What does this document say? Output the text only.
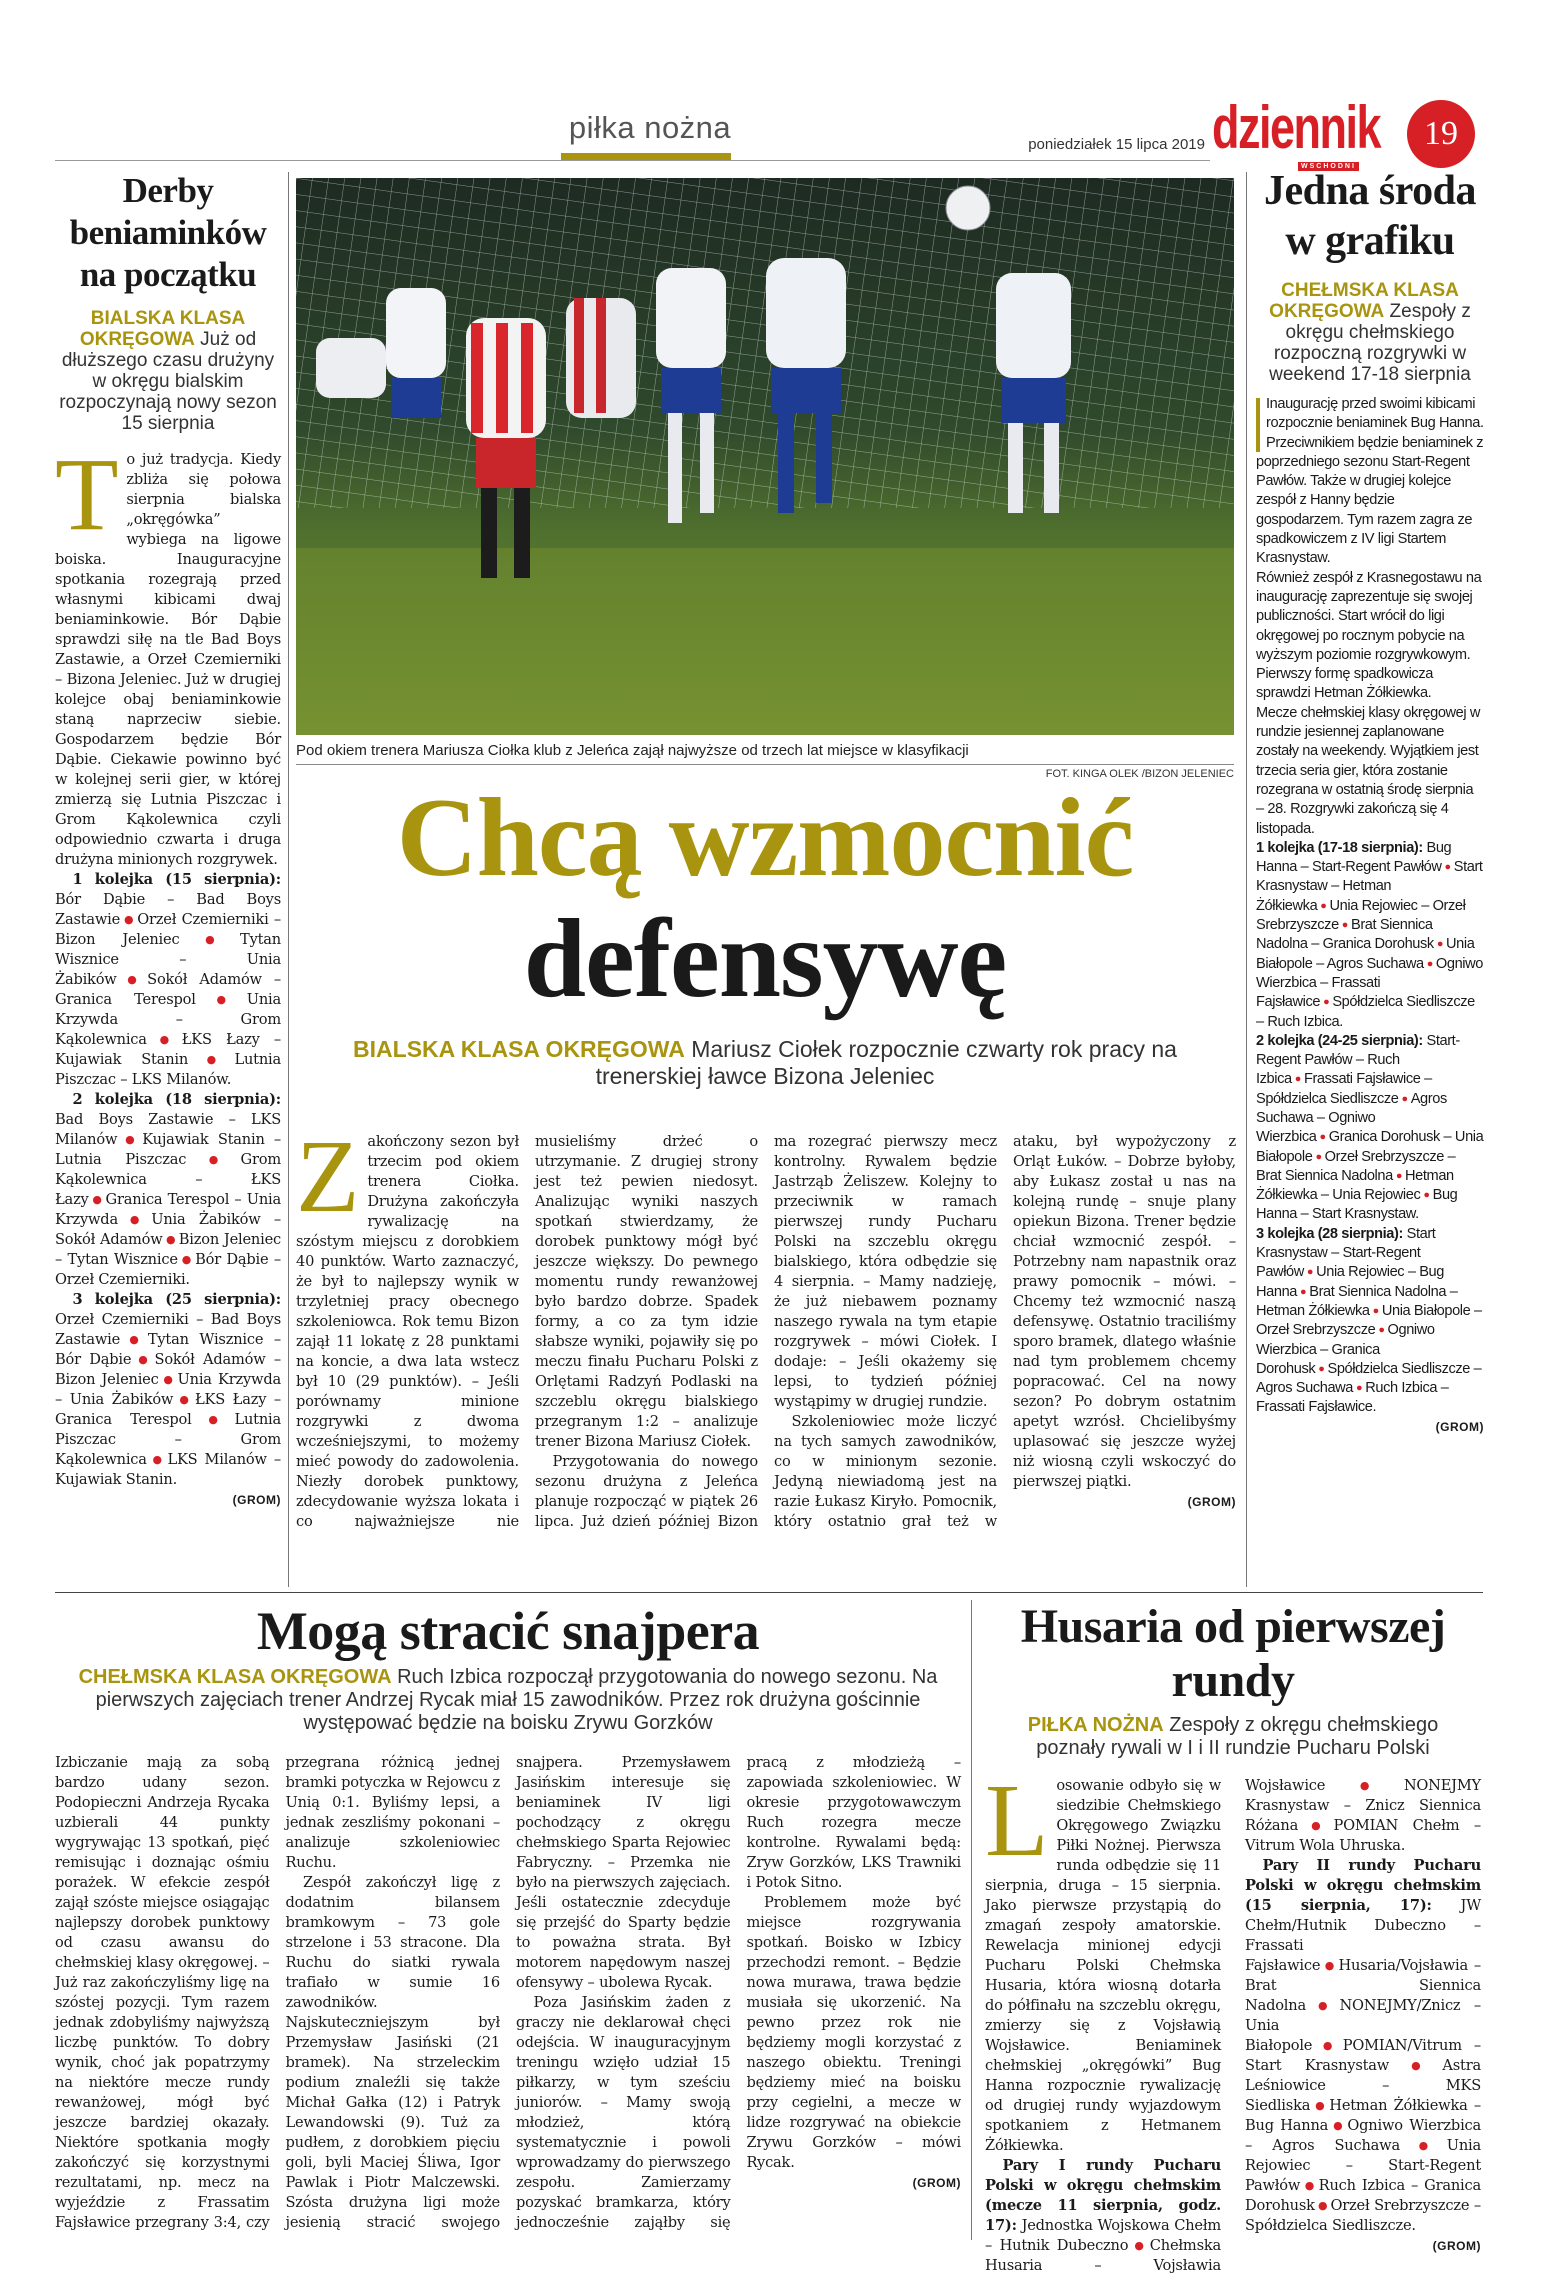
piłka nożna	poniedziałek 15 lipca 2019 dziennik
WSCHODNI
19
Derby beniaminków na początku
BIALSKA KLASA OKRĘGOWA Już od dłuższego czasu drużyny w okręgu bialskim rozpoczynają nowy sezon 15 sierpnia

To już tradycja. Kiedy zbliża się połowa sierpnia bialska „okręgówka” wybiega na ligowe boiska. Inauguracyjne spotkania rozegrają przed własnymi kibicami dwaj beniaminkowie. Bór Dąbie sprawdzi siłę na tle Bad Boys Zastawie, a Orzeł Czemierniki – Bizona Jeleniec. Już w drugiej kolejce obaj beniaminkowie staną naprzeciw siebie. Gospodarzem będzie Bór Dąbie. Ciekawie powinno być w kolejnej serii gier, w której zmierzą się Lutnia Piszczac i Grom Kąkolewnica czyli odpowiednio czwarta i druga drużyna minionych rozgrywek.

1 kolejka (15 sierpnia): Bór Dąbie – Bad Boys Zastawie ● Orzeł Czemierniki – Bizon Jeleniec ● Tytan Wisznice – Unia Żabików ● Sokół Adamów – Granica Terespol ● Unia Krzywda – Grom Kąkolewnica ● ŁKS Łazy – Kujawiak Stanin ● Lutnia Piszczac – LKS Milanów.

2 kolejka (18 sierpnia): Bad Boys Zastawie – LKS Milanów ● Kujawiak Stanin – Lutnia Piszczac ● Grom Kąkolewnica – ŁKS Łazy ● Granica Terespol – Unia Krzywda ● Unia Żabików – Sokół Adamów ● Bizon Jeleniec – Tytan Wisznice ● Bór Dąbie – Orzeł Czemierniki.

3 kolejka (25 sierpnia): Orzeł Czemierniki – Bad Boys Zastawie ● Tytan Wisznice – Bór Dąbie ● Sokół Adamów – Bizon Jeleniec ● Unia Krzywda – Unia Żabików ● ŁKS Łazy – Granica Terespol ● Lutnia Piszczac – Grom Kąkolewnica ● LKS Milanów – Kujawiak Stanin.

(GROM)
Pod okiem trenera Mariusza Ciołka klub z Jeleńca zajął najwyższe od trzech lat miejsce w klasyfikacji
FOT. KINGA OLEK /BIZON JELENIEC
Chcą wzmocnić
defensywę
BIALSKA KLASA OKRĘGOWA Mariusz Ciołek rozpocznie czwarty rok pracy na trenerskiej ławce Bizona Jeleniec

Zakończony sezon był trzecim pod okiem trenera Ciołka. Drużyna zakończyła rywalizację na szóstym miejscu z dorobkiem 40 punktów. Warto zaznaczyć, że był to najlepszy wynik w trzyletniej pracy obecnego szkoleniowca. Rok temu Bizon zajął 11 lokatę z 28 punktami na koncie, a dwa lata wstecz był 10 (29 punktów). – Jeśli porównamy minione rozgrywki z dwoma wcześniejszymi, to możemy mieć powody do zadowolenia. Niezły dorobek punktowy, zdecydowanie wyższa lokata i co najważniejsze nie musieliśmy drżeć o utrzymanie. Z drugiej strony jest też pewien niedosyt. Analizując wyniki naszych spotkań stwierdzamy, że dorobek punktowy mógł być jeszcze większy. Do pewnego momentu rundy rewanżowej było bardzo dobrze. Spadek formy, a co za tym idzie słabsze wyniki, pojawiły się po meczu finału Pucharu Polski z Orlętami Radzyń Podlaski na szczeblu okręgu bialskiego przegranym 1:2 – analizuje trener Bizona Mariusz Ciołek.

Przygotowania do nowego sezonu drużyna z Jeleńca planuje rozpocząć w piątek 26 lipca. Już dzień później Bizon ma rozegrać pierwszy mecz kontrolny. Rywalem będzie Jastrząb Żeliszew. Kolejny to przeciwnik w ramach pierwszej rundy Pucharu Polski na szczeblu okręgu bialskiego, która odbędzie się 4 sierpnia. – Mamy nadzieję, że już niebawem poznamy naszego rywala na tym etapie rozgrywek – mówi Ciołek. I dodaje: – Jeśli okażemy się lepsi, to tydzień później wystąpimy w drugiej rundzie.

Szkoleniowiec może liczyć na tych samych zawodników, co w minionym sezonie. Jedyną niewiadomą jest na razie Łukasz Kiryło. Pomocnik, który ostatnio grał też w ataku, był wypożyczony z Orląt Łuków. – Dobrze byłoby, aby Łukasz został u nas na kolejną rundę – snuje plany opiekun Bizona. Trener będzie chciał wzmocnić zespół. – Potrzebny nam napastnik oraz prawy pomocnik – mówi. – Chcemy też wzmocnić naszą defensywę. Ostatnio traciliśmy sporo bramek, dlatego właśnie nad tym problemem chcemy popracować. Cel na nowy sezon? Po dobrym ostatnim apetyt wzrósł. Chcielibyśmy uplasować się jeszcze wyżej niż wiosną czyli wskoczyć do pierwszej piątki.

(GROM)
Jedna środa w grafiku
CHEŁMSKA KLASA OKRĘGOWA Zespoły z okręgu chełmskiego rozpoczną rozgrywki w weekend 17-18 sierpnia

Inaugurację przed swoimi kibicami rozpocznie beniaminek Bug Hanna. Przeciwnikiem będzie beniaminek z poprzedniego sezonu Start-Regent Pawłów. Także w drugiej kolejce zespół z Hanny będzie gospodarzem. Tym razem zagra ze spadkowiczem z IV ligi Startem Krasnystaw.

Również zespół z Krasnegostawu na inaugurację zaprezentuje się swojej publiczności. Start wrócił do ligi okręgowej po rocznym pobycie na wyższym poziomie rozgrywkowym. Pierwszy formę spadkowicza sprawdzi Hetman Żółkiewka.

Mecze chełmskiej klasy okręgowej w rundzie jesiennej zaplanowane zostały na weekendy. Wyjątkiem jest trzecia seria gier, która zostanie rozegrana w ostatnią środę sierpnia – 28. Rozgrywki zakończą się 4 listopada.

1 kolejka (17-18 sierpnia): Bug Hanna – Start-Regent Pawłów ● Start Krasnystaw – Hetman Żółkiewka ● Unia Rejowiec – Orzeł Srebrzyszcze ● Brat Siennica Nadolna – Granica Dorohusk ● Unia Białopole – Agros Suchawa ● Ogniwo Wierzbica – Frassati Fajsławice ● Spółdzielca Siedliszcze – Ruch Izbica.

2 kolejka (24-25 sierpnia): Start-Regent Pawłów – Ruch Izbica ● Frassati Fajsławice – Spółdzielca Siedliszcze ● Agros Suchawa – Ogniwo Wierzbica ● Granica Dorohusk – Unia Białopole ● Orzeł Srebrzyszcze – Brat Siennica Nadolna ● Hetman Żółkiewka – Unia Rejowiec ● Bug Hanna – Start Krasnystaw.

3 kolejka (28 sierpnia): Start Krasnystaw – Start-Regent Pawłów ● Unia Rejowiec – Bug Hanna ● Brat Siennica Nadolna – Hetman Żółkiewka ● Unia Białopole – Orzeł Srebrzyszcze ● Ogniwo Wierzbica – Granica Dorohusk ● Spółdzielca Siedliszcze – Agros Suchawa ● Ruch Izbica – Frassati Fajsławice.

(GROM)
Mogą stracić snajpera
CHEŁMSKA KLASA OKRĘGOWA Ruch Izbica rozpoczął przygotowania do nowego sezonu. Na pierwszych zajęciach trener Andrzej Rycak miał 15 zawodników. Przez rok drużyna gościnnie występować będzie na boisku Zrywu Gorzków

Izbiczanie mają za sobą bardzo udany sezon. Podopieczni Andrzeja Rycaka uzbierali 44 punkty wygrywając 13 spotkań, pięć remisując i doznając ośmiu porażek. W efekcie zespół zajął szóste miejsce osiągając najlepszy dorobek punktowy od czasu awansu do chełmskiej klasy okręgowej. – Już raz zakończyliśmy ligę na szóstej pozycji. Tym razem jednak zdobyliśmy najwyższą liczbę punktów. To dobry wynik, choć jak popatrzymy na niektóre mecze rundy rewanżowej, mógł być jeszcze bardziej okazały. Niektóre spotkania mogły zakończyć się korzystnymi rezultatami, np. mecz na wyjeździe z Frassatim Fajsławice przegrany 3:4, czy przegrana różnicą jednej bramki potyczka w Rejowcu z Unią 0:1. Byliśmy lepsi, a jednak zeszliśmy pokonani – analizuje szkoleniowiec Ruchu.

Zespół zakończył ligę z dodatnim bilansem bramkowym – 73 gole strzelone i 53 stracone. Dla Ruchu do siatki rywala trafiało w sumie 16 zawodników. Najskuteczniejszym był Przemysław Jasiński (21 bramek). Na strzeleckim podium znaleźli się także Michał Gałka (12) i Patryk Lewandowski (9). Tuż za pudłem, z dorobkiem pięciu goli, byli Maciej Śliwa, Igor Pawlak i Piotr Malczewski. Szósta drużyna ligi może jesienią stracić swojego snajpera. Przemysławem Jasińskim interesuje się beniaminek IV ligi pochodzący z okręgu chełmskiego Sparta Rejowiec Fabryczny. – Przemka nie było na pierwszych zajęciach. Jeśli ostatecznie zdecyduje się przejść do Sparty będzie to poważna strata. Był motorem napędowym naszej ofensywy – ubolewa Rycak.

Poza Jasińskim żaden z graczy nie deklarował chęci odejścia. W inauguracyjnym treningu wzięło udział 15 piłkarzy, w tym sześciu juniorów. – Mamy swoją młodzież, którą systematycznie i powoli wprowadzamy do pierwszego zespołu. Zamierzamy pozyskać bramkarza, który jednocześnie zająłby się pracą z młodzieżą – zapowiada szkoleniowiec. W okresie przygotowawczym Ruch rozegra mecze kontrolne. Rywalami będą: Zryw Gorzków, LKS Trawniki i Potok Sitno.

Problemem może być miejsce rozgrywania spotkań. Boisko w Izbicy przechodzi remont. – Będzie nowa murawa, trawa będzie musiała się ukorzenić. Na pewno przez rok nie będziemy mogli korzystać z naszego obiektu. Treningi będziemy mieć na boisku przy cegielni, a mecze w lidze rozgrywać na obiekcie Zrywu Gorzków – mówi Rycak.

(GROM)
Husaria od pierwszej rundy
PIŁKA NOŻNA Zespoły z okręgu chełmskiego poznały rywali w I i II rundzie Pucharu Polski

Losowanie odbyło się w siedzibie Chełmskiego Okręgowego Związku Piłki Nożnej. Pierwsza runda odbędzie się 11 sierpnia, druga – 15 sierpnia. Jako pierwsze przystąpią do zmagań zespoły amatorskie. Rewelacja minionej edycji Pucharu Polski Chełmska Husaria, która wiosną dotarła do półfinału na szczeblu okręgu, zmierzy się z Vojsławią Wojsławice. Beniaminek chełmskiej „okręgówki” Bug Hanna rozpocznie rywalizację od drugiej rundy wyjazdowym spotkaniem z Hetmanem Żółkiewka.

Pary I rundy Pucharu Polski w okręgu chełmskim (mecze 11 sierpnia, godz. 17): Jednostka Wojskowa Chełm – Hutnik Dubeczno ● Chełmska Husaria – Vojsławia Wojsławice ● NONEJMY Krasnystaw – Znicz Siennica Różana ● POMIAN Chełm – Vitrum Wola Uhruska.

Pary II rundy Pucharu Polski w okręgu chełmskim (15 sierpnia, 17): JW Chełm/Hutnik Dubeczno – Frassati Fajsławice ● Husaria/Vojsławia – Brat Siennica Nadolna ● NONEJMY/Znicz – Unia Białopole ● POMIAN/Vitrum – Start Krasnystaw ● Astra Leśniowice – MKS Siedliska ● Hetman Żółkiewka – Bug Hanna ● Ogniwo Wierzbica – Agros Suchawa ● Unia Rejowiec – Start-Regent Pawłów ● Ruch Izbica – Granica Dorohusk ● Orzeł Srebrzyszcze – Spółdzielca Siedliszcze.

(GROM)
